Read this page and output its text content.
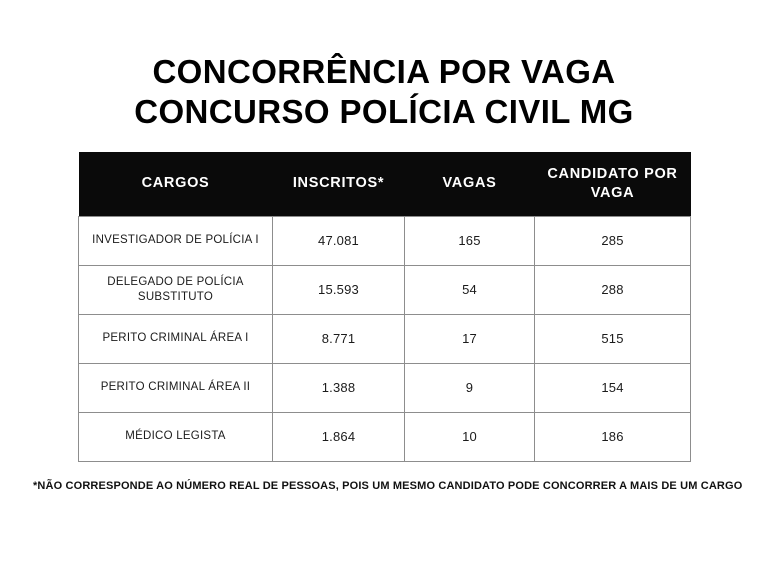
CONCORRÊNCIA POR VAGA
CONCURSO POLÍCIA CIVIL MG
CARGOS	INSCRITOS*	VAGAS	CANDIDATO POR
VAGA

INVESTIGADOR DE POLÍCIA I	47.081	165	285

DELEGADO DE POLÍCIA
SUBSTITUTO	15.593	54	288

PERITO CRIMINAL ÁREA I	8.771	17	515

PERITO CRIMINAL ÁREA II	1.388	9	154

MÉDICO LEGISTA	1.864	10	186
*NÃO CORRESPONDE AO NÚMERO REAL DE PESSOAS, POIS UM MESMO CANDIDATO PODE CONCORRER A MAIS DE UM CARGO
